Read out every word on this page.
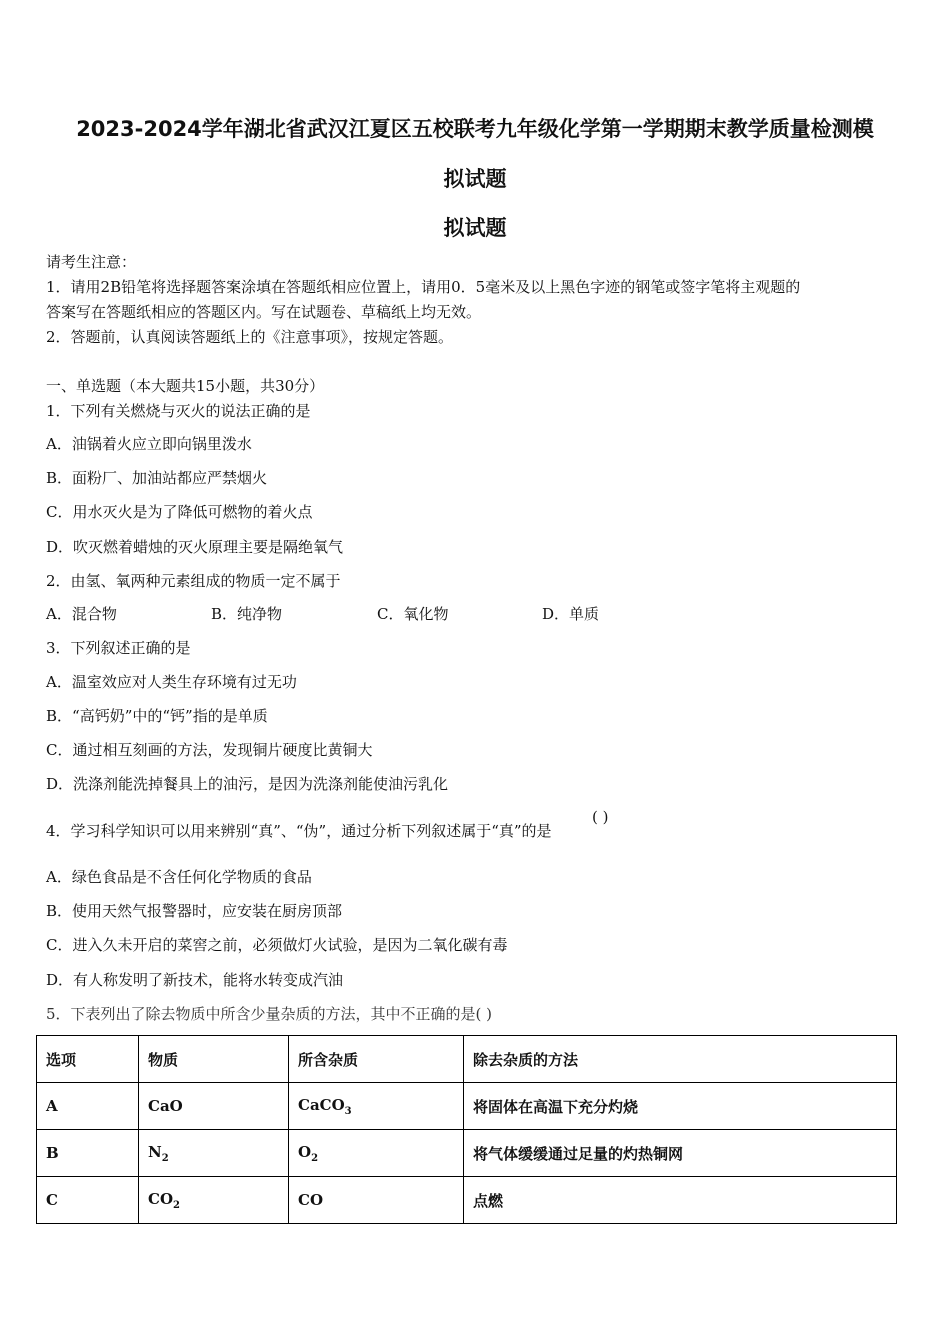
2023-2024学年湖北省武汉江夏区五校联考九年级化学第一学期期末教学质量检测模
拟试题
拟试题
请考生注意：
1．请用2B铅笔将选择题答案涂填在答题纸相应位置上，请用0．5毫米及以上黑色字迹的钢笔或签字笔将主观题的
答案写在答题纸相应的答题区内。写在试题卷、草稿纸上均无效。
2．答题前，认真阅读答题纸上的《注意事项》，按规定答题。
一、单选题（本大题共15小题，共30分）
1．下列有关燃烧与灭火的说法正确的是
A．油锅着火应立即向锅里泼水
B．面粉厂、加油站都应严禁烟火
C．用水灭火是为了降低可燃物的着火点
D．吹灭燃着蜡烛的灭火原理主要是隔绝氧气
2．由氢、氧两种元素组成的物质一定不属于
A．混合物	B．纯净物	C．氧化物	D．单质
3．下列叙述正确的是
A．温室效应对人类生存环境有过无功
B．“高钙奶”中的“钙”指的是单质
C．通过相互刻画的方法，发现铜片硬度比黄铜大
D．洗涤剂能洗掉餐具上的油污，是因为洗涤剂能使油污乳化
4．学习科学知识可以用来辨别“真”、“伪”，通过分析下列叙述属于“真”的是
( )
A．绿色食品是不含任何化学物质的食品
B．使用天然气报警器时，应安装在厨房顶部
C．进入久未开启的菜窖之前，必须做灯火试验，是因为二氧化碳有毒
D．有人称发明了新技术，能将水转变成汽油
5．下表列出了除去物质中所含少量杂质的方法，其中不正确的是( )
选项	物质	所含杂质	除去杂质的方法
A	CaO	CaCO$_3$	将固体在高温下充分灼烧
B	$N_2$	$O_2$	将气体缓缓通过足量的灼热铜网
C	$CO_2$	CO	点燃
